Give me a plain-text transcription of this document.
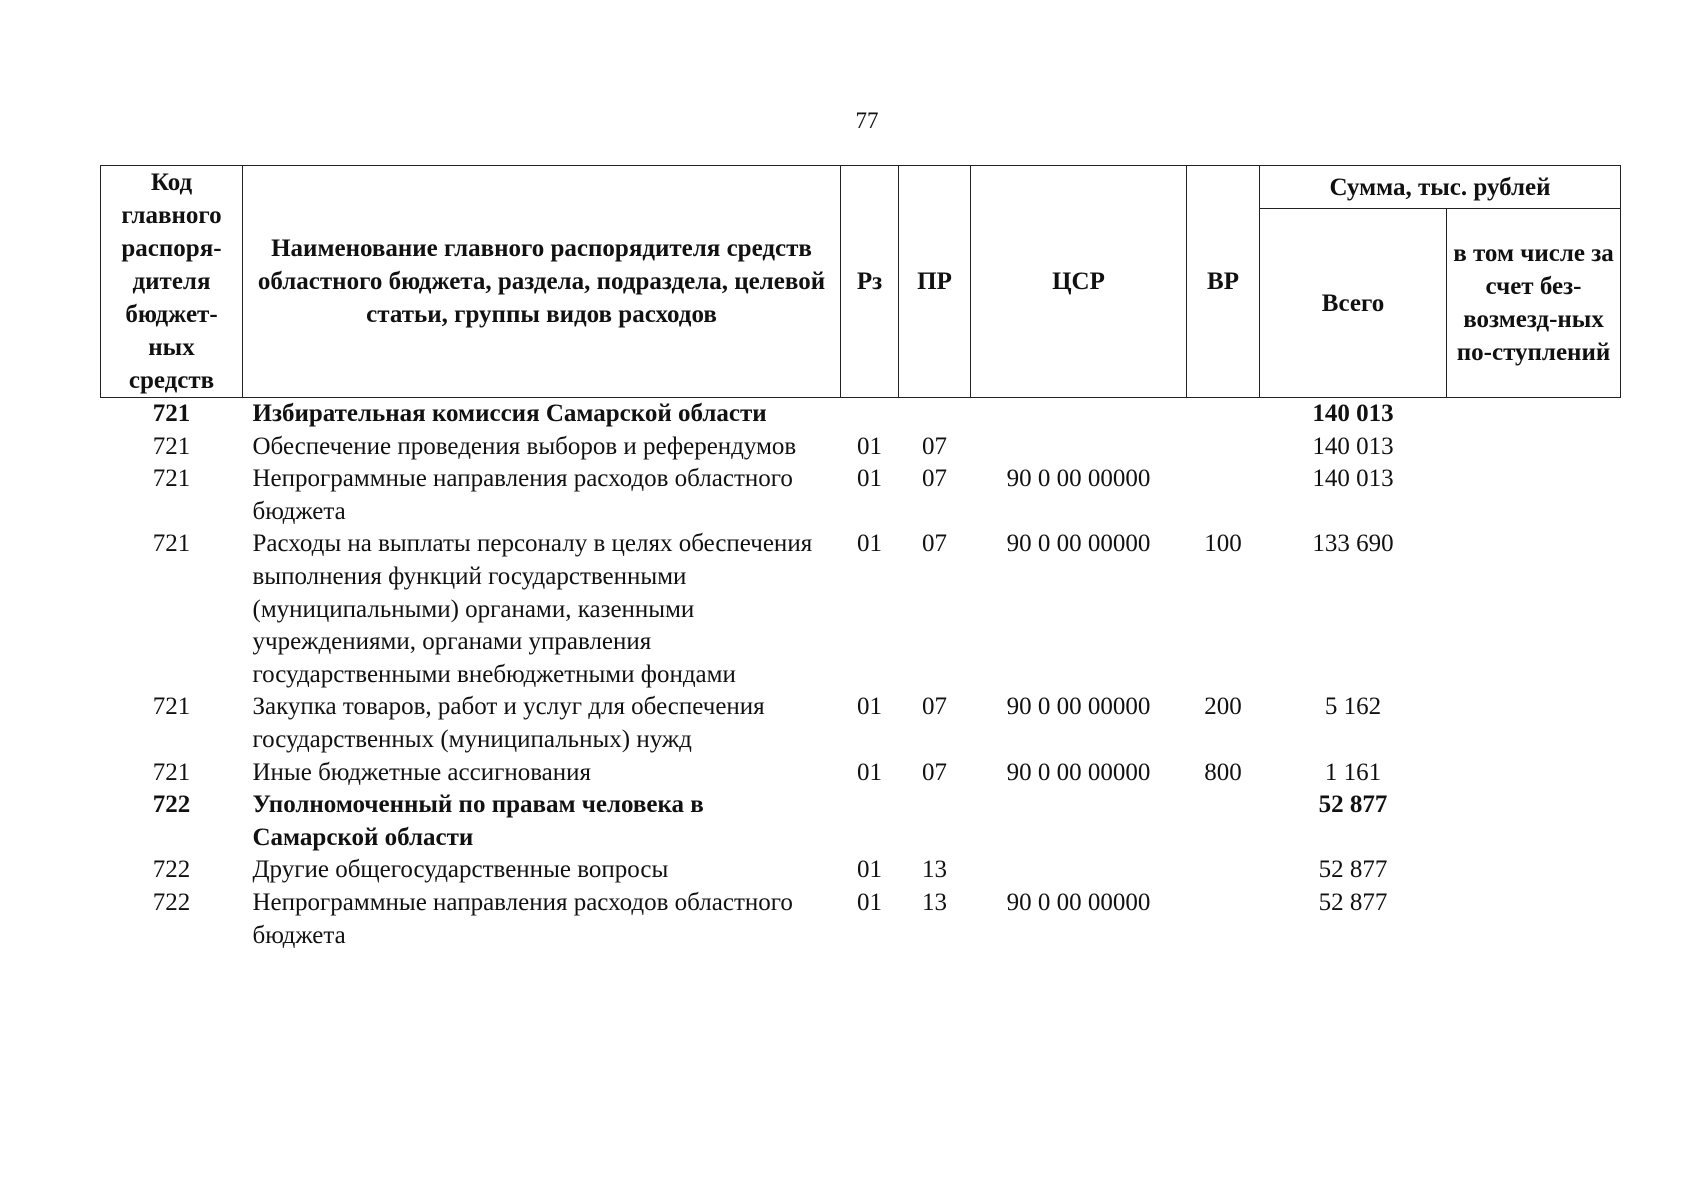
77
Код главного распоря-дителя бюджет-ных средств	Наименование главного распорядителя средств областного бюджета, раздела, подраздела, целевой статьи, группы видов расходов	Рз	ПР	ЦСР	ВР	Сумма, тыс. рублей	
						Всего	в том числе за счет без-возмезд-ных по-ступлений
721	Избирательная комиссия Самарской области					140 013	
721	Обеспечение проведения выборов и референдумов	01	07			140 013	
721	Непрограммные направления расходов областного бюджета	01	07	90 0 00 00000		140 013	
721	Расходы на выплаты персоналу в целях обеспечения выполнения функций государственными (муниципальными) органами, казенными учреждениями, органами управления государственными внебюджетными фондами	01	07	90 0 00 00000	100	133 690	
721	Закупка товаров, работ и услуг для обеспечения государственных (муниципальных) нужд	01	07	90 0 00 00000	200	5 162	
721	Иные бюджетные ассигнования	01	07	90 0 00 00000	800	1 161	
722	Уполномоченный по правам человека в Самарской области					52 877	
722	Другие общегосударственные вопросы	01	13			52 877	
722	Непрограммные направления расходов областного бюджета	01	13	90 0 00 00000		52 877	
